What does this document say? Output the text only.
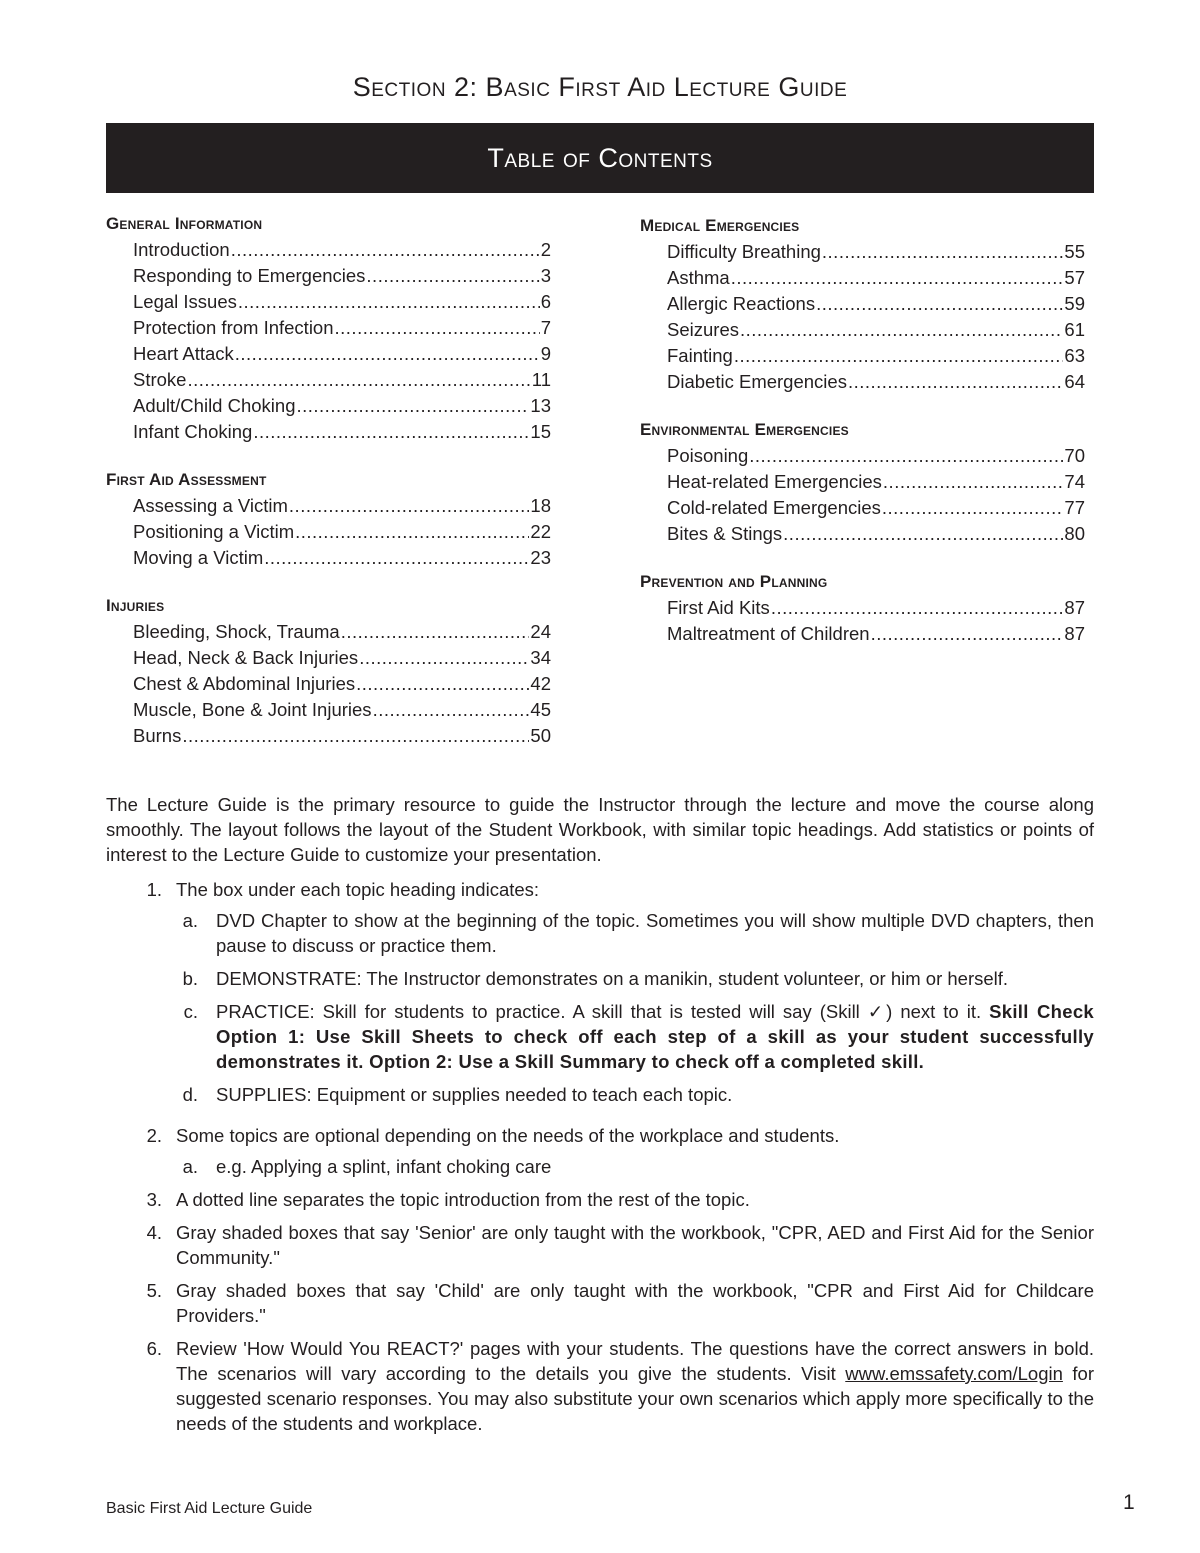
Section 2: Basic First Aid Lecture Guide
Table of Contents
General Information
Introduction .....	2
Responding to Emergencies .....	3
Legal Issues .....	6
Protection from Infection .....	7
Heart Attack .....	9
Stroke .....	11
Adult/Child Choking .....	13
Infant Choking .....	15
First Aid Assessment
Assessing a Victim .....	18
Positioning a Victim .....	22
Moving a Victim .....	23
Injuries
Bleeding, Shock, Trauma .....	24
Head, Neck & Back Injuries .....	34
Chest & Abdominal Injuries .....	42
Muscle, Bone & Joint Injuries .....	45
Burns .....	50
Medical Emergencies
Difficulty Breathing .....	55
Asthma .....	57
Allergic Reactions .....	59
Seizures .....	61
Fainting .....	63
Diabetic Emergencies .....	64
Environmental Emergencies
Poisoning .....	70
Heat-related Emergencies .....	74
Cold-related Emergencies .....	77
Bites & Stings .....	80
Prevention and Planning
First Aid Kits .....	87
Maltreatment of Children .....	87

The Lecture Guide is the primary resource to guide the Instructor through the lecture and move the course along smoothly. The layout follows the layout of the Student Workbook, with similar topic headings. Add statistics or points of interest to the Lecture Guide to customize your presentation.

1. The box under each topic heading indicates:
a. DVD Chapter to show at the beginning of the topic. Sometimes you will show multiple DVD chapters, then pause to discuss or practice them.
b. DEMONSTRATE: The Instructor demonstrates on a manikin, student volunteer, or him or herself.
c. PRACTICE: Skill for students to practice. A skill that is tested will say (Skill ✓) next to it. Skill Check Option 1: Use Skill Sheets to check off each step of a skill as your student successfully demonstrates it. Option 2: Use a Skill Summary to check off a completed skill.
d. SUPPLIES: Equipment or supplies needed to teach each topic.
2. Some topics are optional depending on the needs of the workplace and students.
a. e.g. Applying a splint, infant choking care
3. A dotted line separates the topic introduction from the rest of the topic.
4. Gray shaded boxes that say 'Senior' are only taught with the workbook, "CPR, AED and First Aid for the Senior Community."
5. Gray shaded boxes that say 'Child' are only taught with the workbook, "CPR and First Aid for Childcare Providers."
6. Review 'How Would You REACT?' pages with your students. The questions have the correct answers in bold. The scenarios will vary according to the details you give the students. Visit www.emssafety.com/Login for suggested scenario responses. You may also substitute your own scenarios which apply more specifically to the needs of the students and workplace.
Basic First Aid Lecture Guide	1
